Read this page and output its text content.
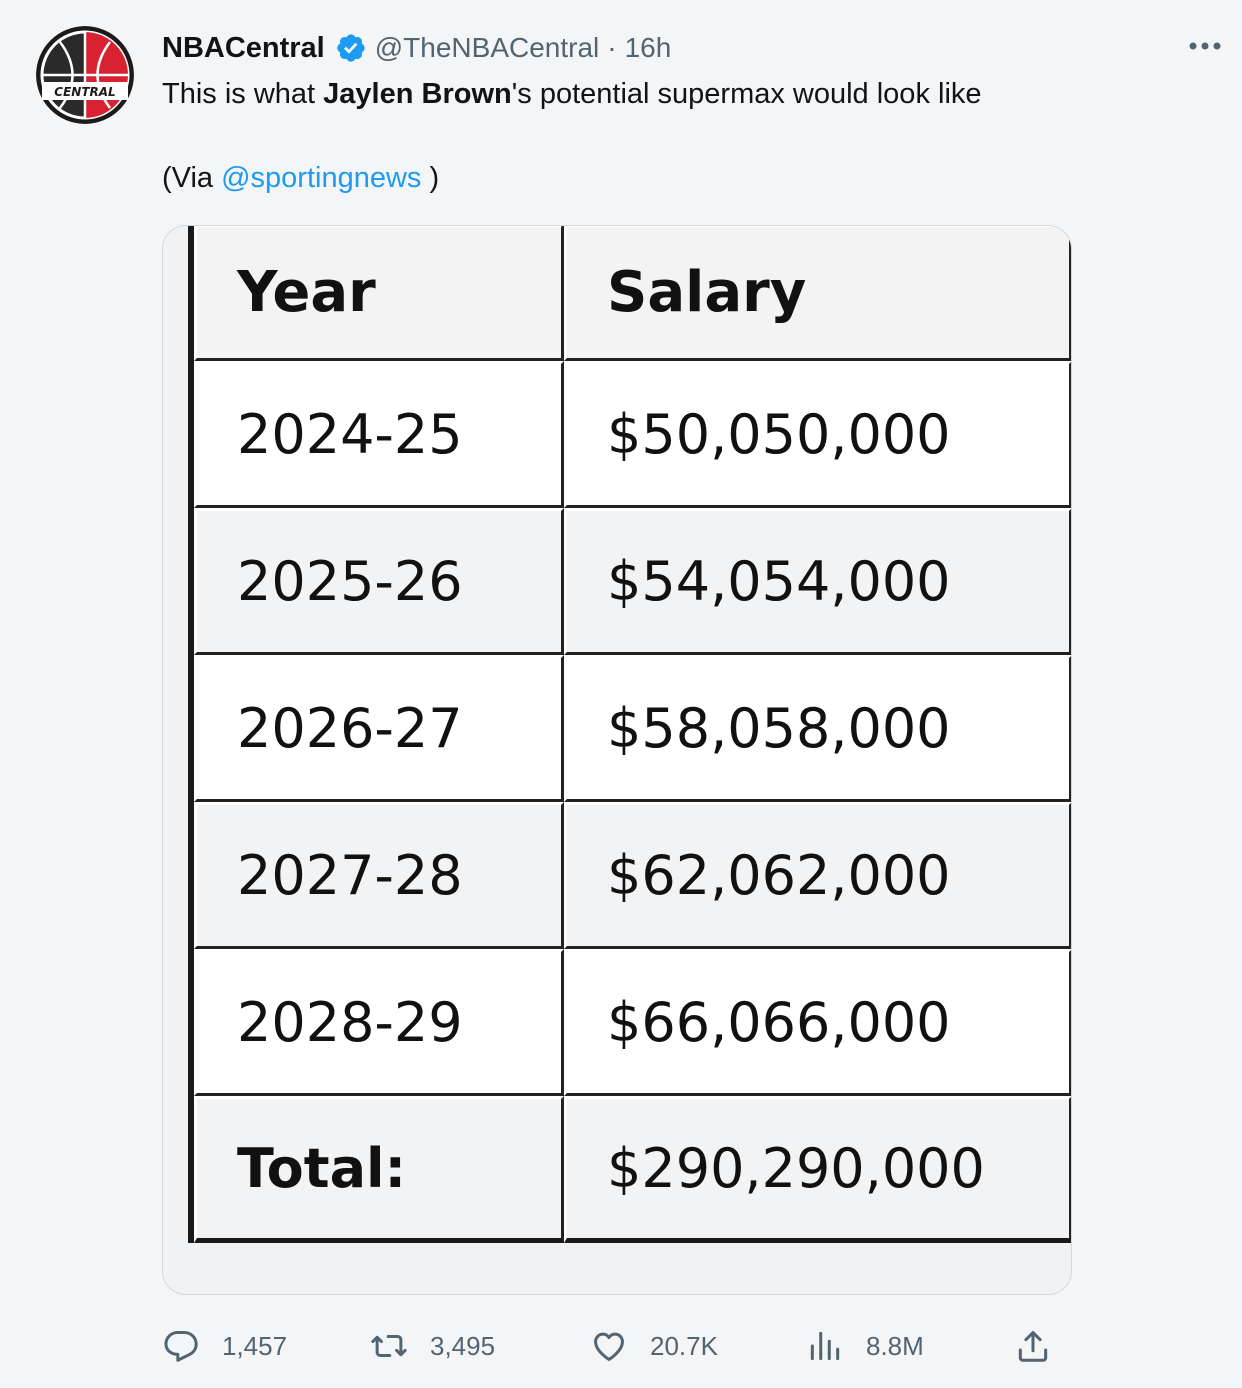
CENTRAL
NBACentral @TheNBACentral · 16h
This is what Jaylen Brown's potential supermax would look like
(Via @sportingnews )
Year	Salary
2024-25	$50,050,000
2025-26	$54,054,000
2026-27	$58,058,000
2027-28	$62,062,000
2028-29	$66,066,000
Total:	$290,290,000
1,457	3,495	20.7K	8.8M
